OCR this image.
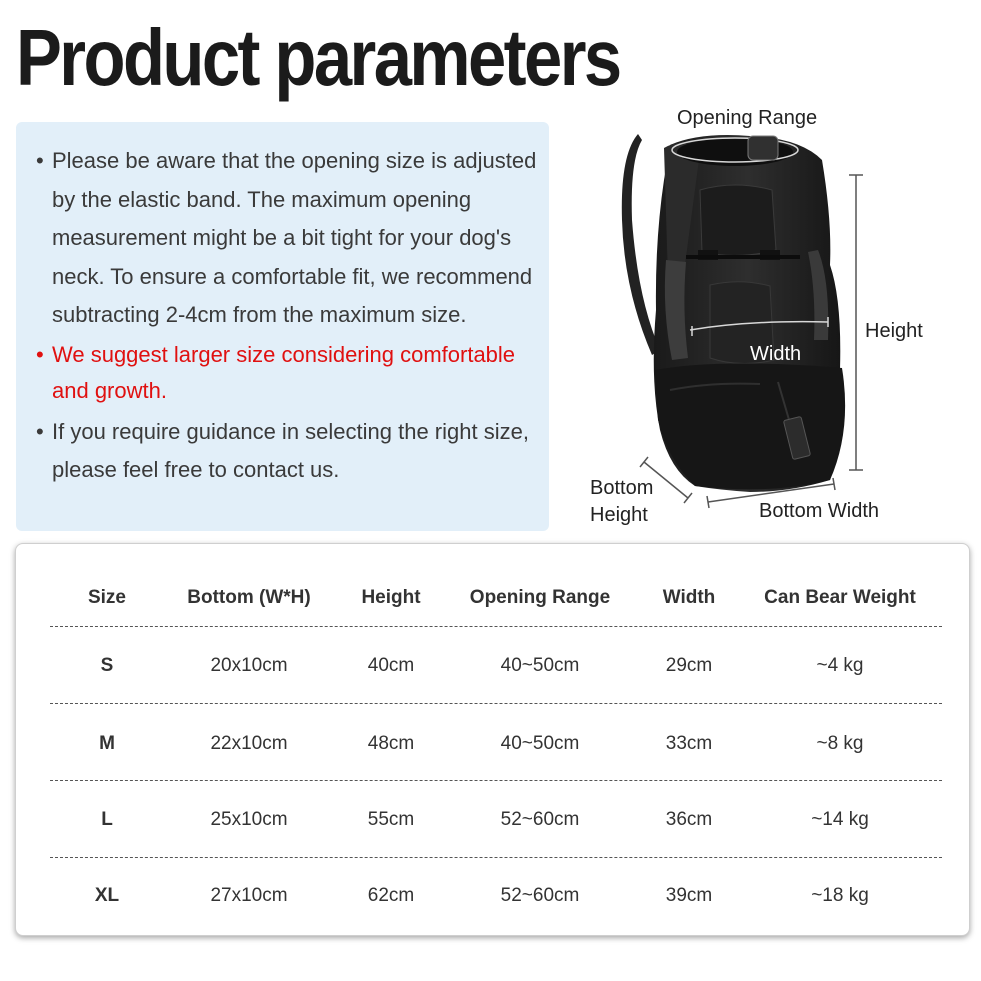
Product parameters

• Please be aware that the opening size is adjusted by the elastic band. The maximum opening measurement might be a bit tight for your dog's neck. To ensure a comfortable fit, we recommend subtracting 2-4cm from the maximum size.

• We suggest larger size considering comfortable and growth.

• If you require guidance in selecting the right size, please feel free to contact us.

Opening Range
Height
Width
Bottom
Height	Bottom Width
Size	Bottom (W*H)	Height	Opening Range	Width	Can Bear Weight
S	20x10cm	40cm	40~50cm	29cm	~4 kg
M	22x10cm	48cm	40~50cm	33cm	~8 kg
L	25x10cm	55cm	52~60cm	36cm	~14 kg
XL	27x10cm	62cm	52~60cm	39cm	~18 kg
